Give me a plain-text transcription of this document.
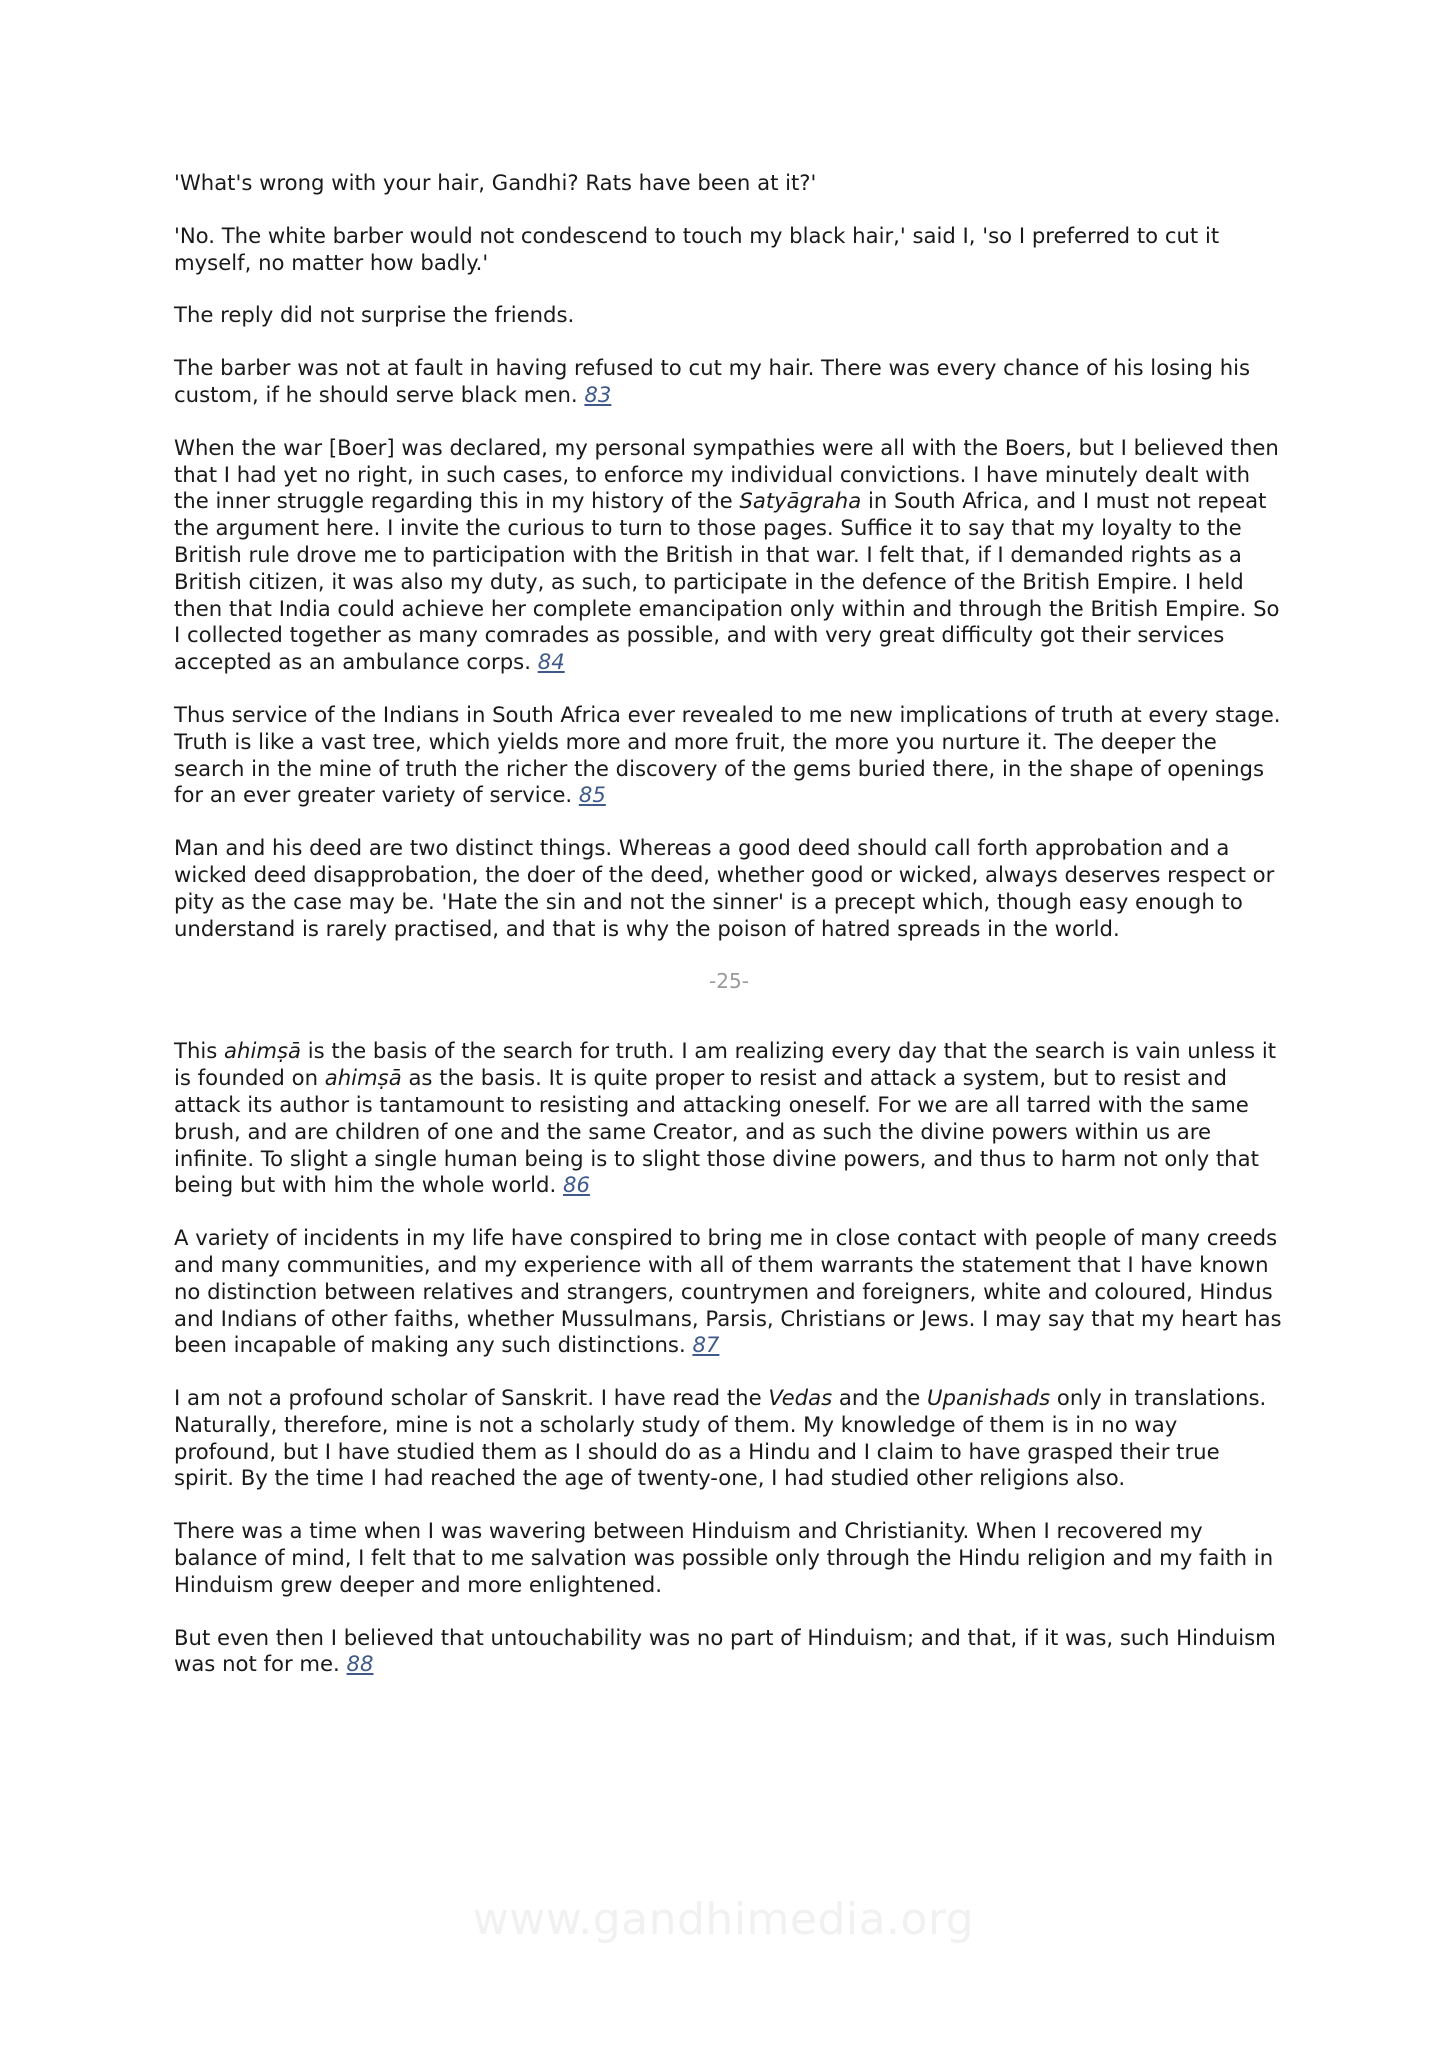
'What's wrong with your hair, Gandhi? Rats have been at it?'

'No. The white barber would not condescend to touch my black hair,' said I, 'so I preferred to cut it myself, no matter how badly.'

The reply did not surprise the friends.

The barber was not at fault in having refused to cut my hair. There was every chance of his losing his custom, if he should serve black men. 83

When the war [Boer] was declared, my personal sympathies were all with the Boers, but I believed then that I had yet no right, in such cases, to enforce my individual convictions. I have minutely dealt with the inner struggle regarding this in my history of the Satyāgraha in South Africa, and I must not repeat the argument here. I invite the curious to turn to those pages. Suffice it to say that my loyalty to the British rule drove me to participation with the British in that war. I felt that, if I demanded rights as a British citizen, it was also my duty, as such, to participate in the defence of the British Empire. I held then that India could achieve her complete emancipation only within and through the British Empire. So I collected together as many comrades as possible, and with very great difficulty got their services accepted as an ambulance corps. 84

Thus service of the Indians in South Africa ever revealed to me new implications of truth at every stage. Truth is like a vast tree, which yields more and more fruit, the more you nurture it. The deeper the search in the mine of truth the richer the discovery of the gems buried there, in the shape of openings for an ever greater variety of service. 85

Man and his deed are two distinct things. Whereas a good deed should call forth approbation and a wicked deed disapprobation, the doer of the deed, whether good or wicked, always deserves respect or pity as the case may be. 'Hate the sin and not the sinner' is a precept which, though easy enough to understand is rarely practised, and that is why the poison of hatred spreads in the world.

-25-

This ahimṣā is the basis of the search for truth. I am realizing every day that the search is vain unless it is founded on ahimṣā as the basis. It is quite proper to resist and attack a system, but to resist and attack its author is tantamount to resisting and attacking oneself. For we are all tarred with the same brush, and are children of one and the same Creator, and as such the divine powers within us are infinite. To slight a single human being is to slight those divine powers, and thus to harm not only that being but with him the whole world. 86

A variety of incidents in my life have conspired to bring me in close contact with people of many creeds and many communities, and my experience with all of them warrants the statement that I have known no distinction between relatives and strangers, countrymen and foreigners, white and coloured, Hindus and Indians of other faiths, whether Mussulmans, Parsis, Christians or Jews. I may say that my heart has been incapable of making any such distinctions. 87

I am not a profound scholar of Sanskrit. I have read the Vedas and the Upanishads only in translations. Naturally, therefore, mine is not a scholarly study of them. My knowledge of them is in no way profound, but I have studied them as I should do as a Hindu and I claim to have grasped their true spirit. By the time I had reached the age of twenty-one, I had studied other religions also.

There was a time when I was wavering between Hinduism and Christianity. When I recovered my balance of mind, I felt that to me salvation was possible only through the Hindu religion and my faith in Hinduism grew deeper and more enlightened.

But even then I believed that untouchability was no part of Hinduism; and that, if it was, such Hinduism was not for me. 88

www.gandhimedia.org
